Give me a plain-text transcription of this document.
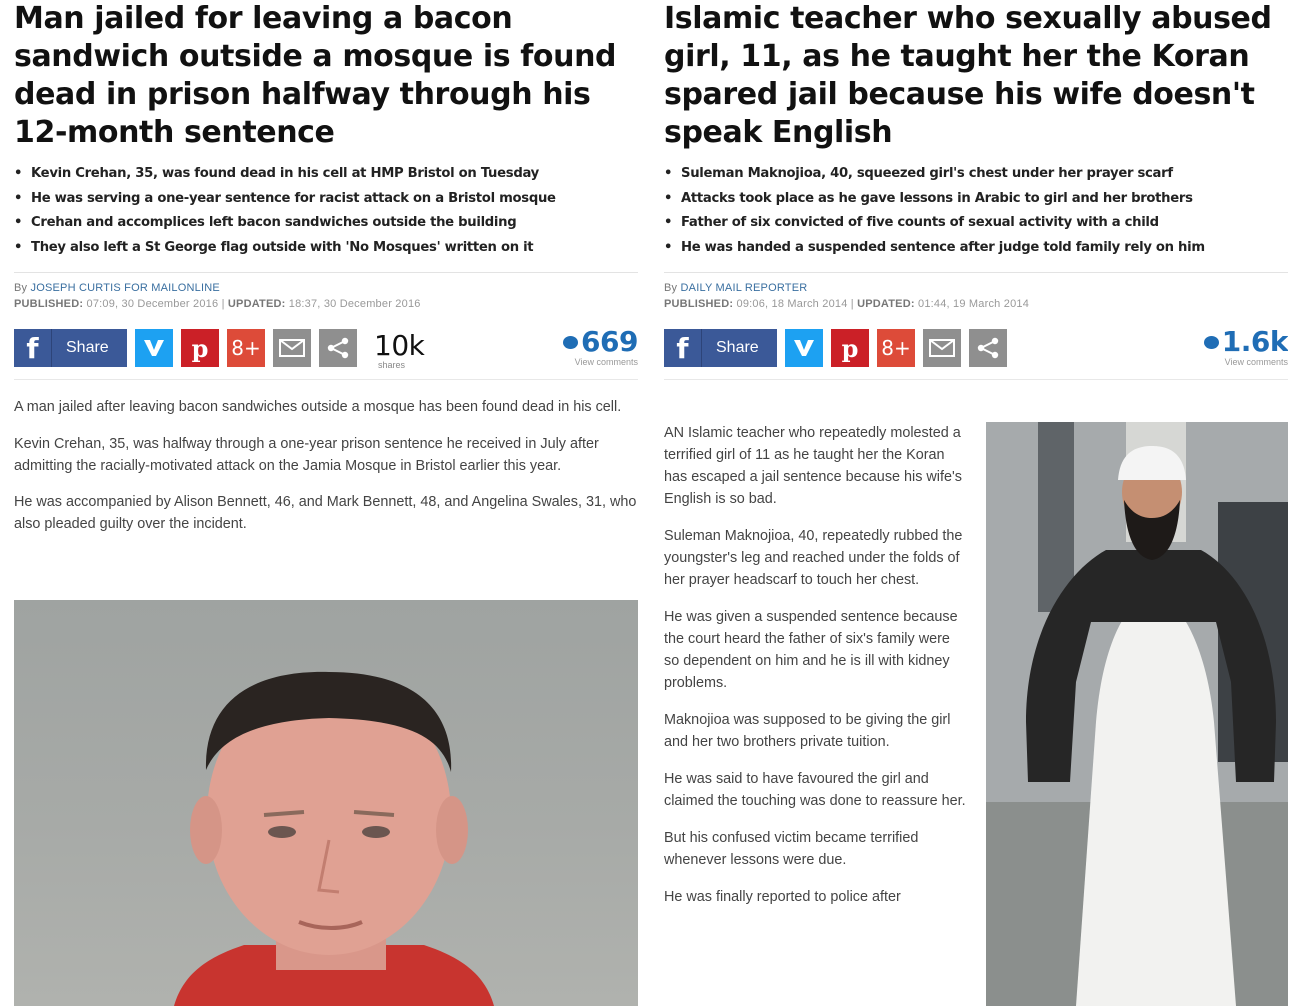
Man jailed for leaving a bacon sandwich outside a mosque is found dead in prison halfway through his 12-month sentence
• Kevin Crehan, 35, was found dead in his cell at HMP Bristol on Tuesday
• He was serving a one-year sentence for racist attack on a Bristol mosque
• Crehan and accomplices left bacon sandwiches outside the building
• They also left a St George flag outside with 'No Mosques' written on it
By JOSEPH CURTIS FOR MAILONLINE
PUBLISHED: 07:09, 30 December 2016 | UPDATED: 18:37, 30 December 2016
f	Share	p 8+	10k
shares
669
View comments

A man jailed after leaving bacon sandwiches outside a mosque has been found dead in his cell.

Kevin Crehan, 35, was halfway through a one-year prison sentence he received in July after admitting the racially-motivated attack on the Jamia Mosque in Bristol earlier this year.

He was accompanied by Alison Bennett, 46, and Mark Bennett, 48, and Angelina Swales, 31, who also pleaded guilty over the incident.

Islamic teacher who sexually abused girl, 11, as he taught her the Koran spared jail because his wife doesn't speak English
• Suleman Maknojioa, 40, squeezed girl's chest under her prayer scarf
• Attacks took place as he gave lessons in Arabic to girl and her brothers
• Father of six convicted of five counts of sexual activity with a child
• He was handed a suspended sentence after judge told family rely on him
By DAILY MAIL REPORTER
PUBLISHED: 09:06, 18 March 2014 | UPDATED: 01:44, 19 March 2014
f	Share	p 8+	1.6k
View comments

AN Islamic teacher who repeatedly molested a terrified girl of 11 as he taught her the Koran has escaped a jail sentence because his wife's English is so bad.

Suleman Maknojioa, 40, repeatedly rubbed the youngster's leg and reached under the folds of her prayer headscarf to touch her chest.

He was given a suspended sentence because the court heard the father of six's family were so dependent on him and he is ill with kidney problems.

Maknojioa was supposed to be giving the girl and her two brothers private tuition.

He was said to have favoured the girl and claimed the touching was done to reassure her.

But his confused victim became terrified whenever lessons were due.

He was finally reported to police after
